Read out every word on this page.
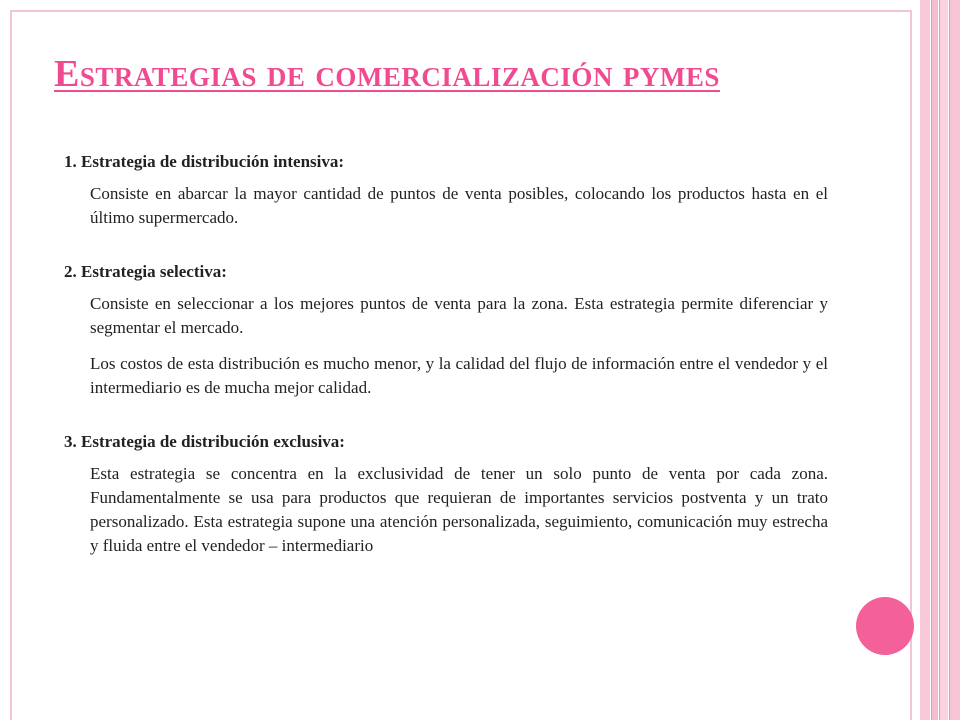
Estrategias de comercialización pymes

1. Estrategia de distribución intensiva:

Consiste en abarcar la mayor cantidad de puntos de venta posibles, colocando los productos hasta en el último supermercado.

2. Estrategia selectiva:

Consiste en seleccionar a los mejores puntos de venta para la zona. Esta estrategia permite diferenciar y segmentar el mercado.

Los costos de esta distribución es mucho menor, y la calidad del flujo de información entre el vendedor y el intermediario es de mucha mejor calidad.

3. Estrategia de distribución exclusiva:

Esta estrategia se concentra en la exclusividad de tener un solo punto de venta por cada zona. Fundamentalmente se usa para productos que requieran de importantes servicios postventa y un trato personalizado. Esta estrategia supone una atención personalizada, seguimiento, comunicación muy estrecha y fluida entre el vendedor – intermediario
